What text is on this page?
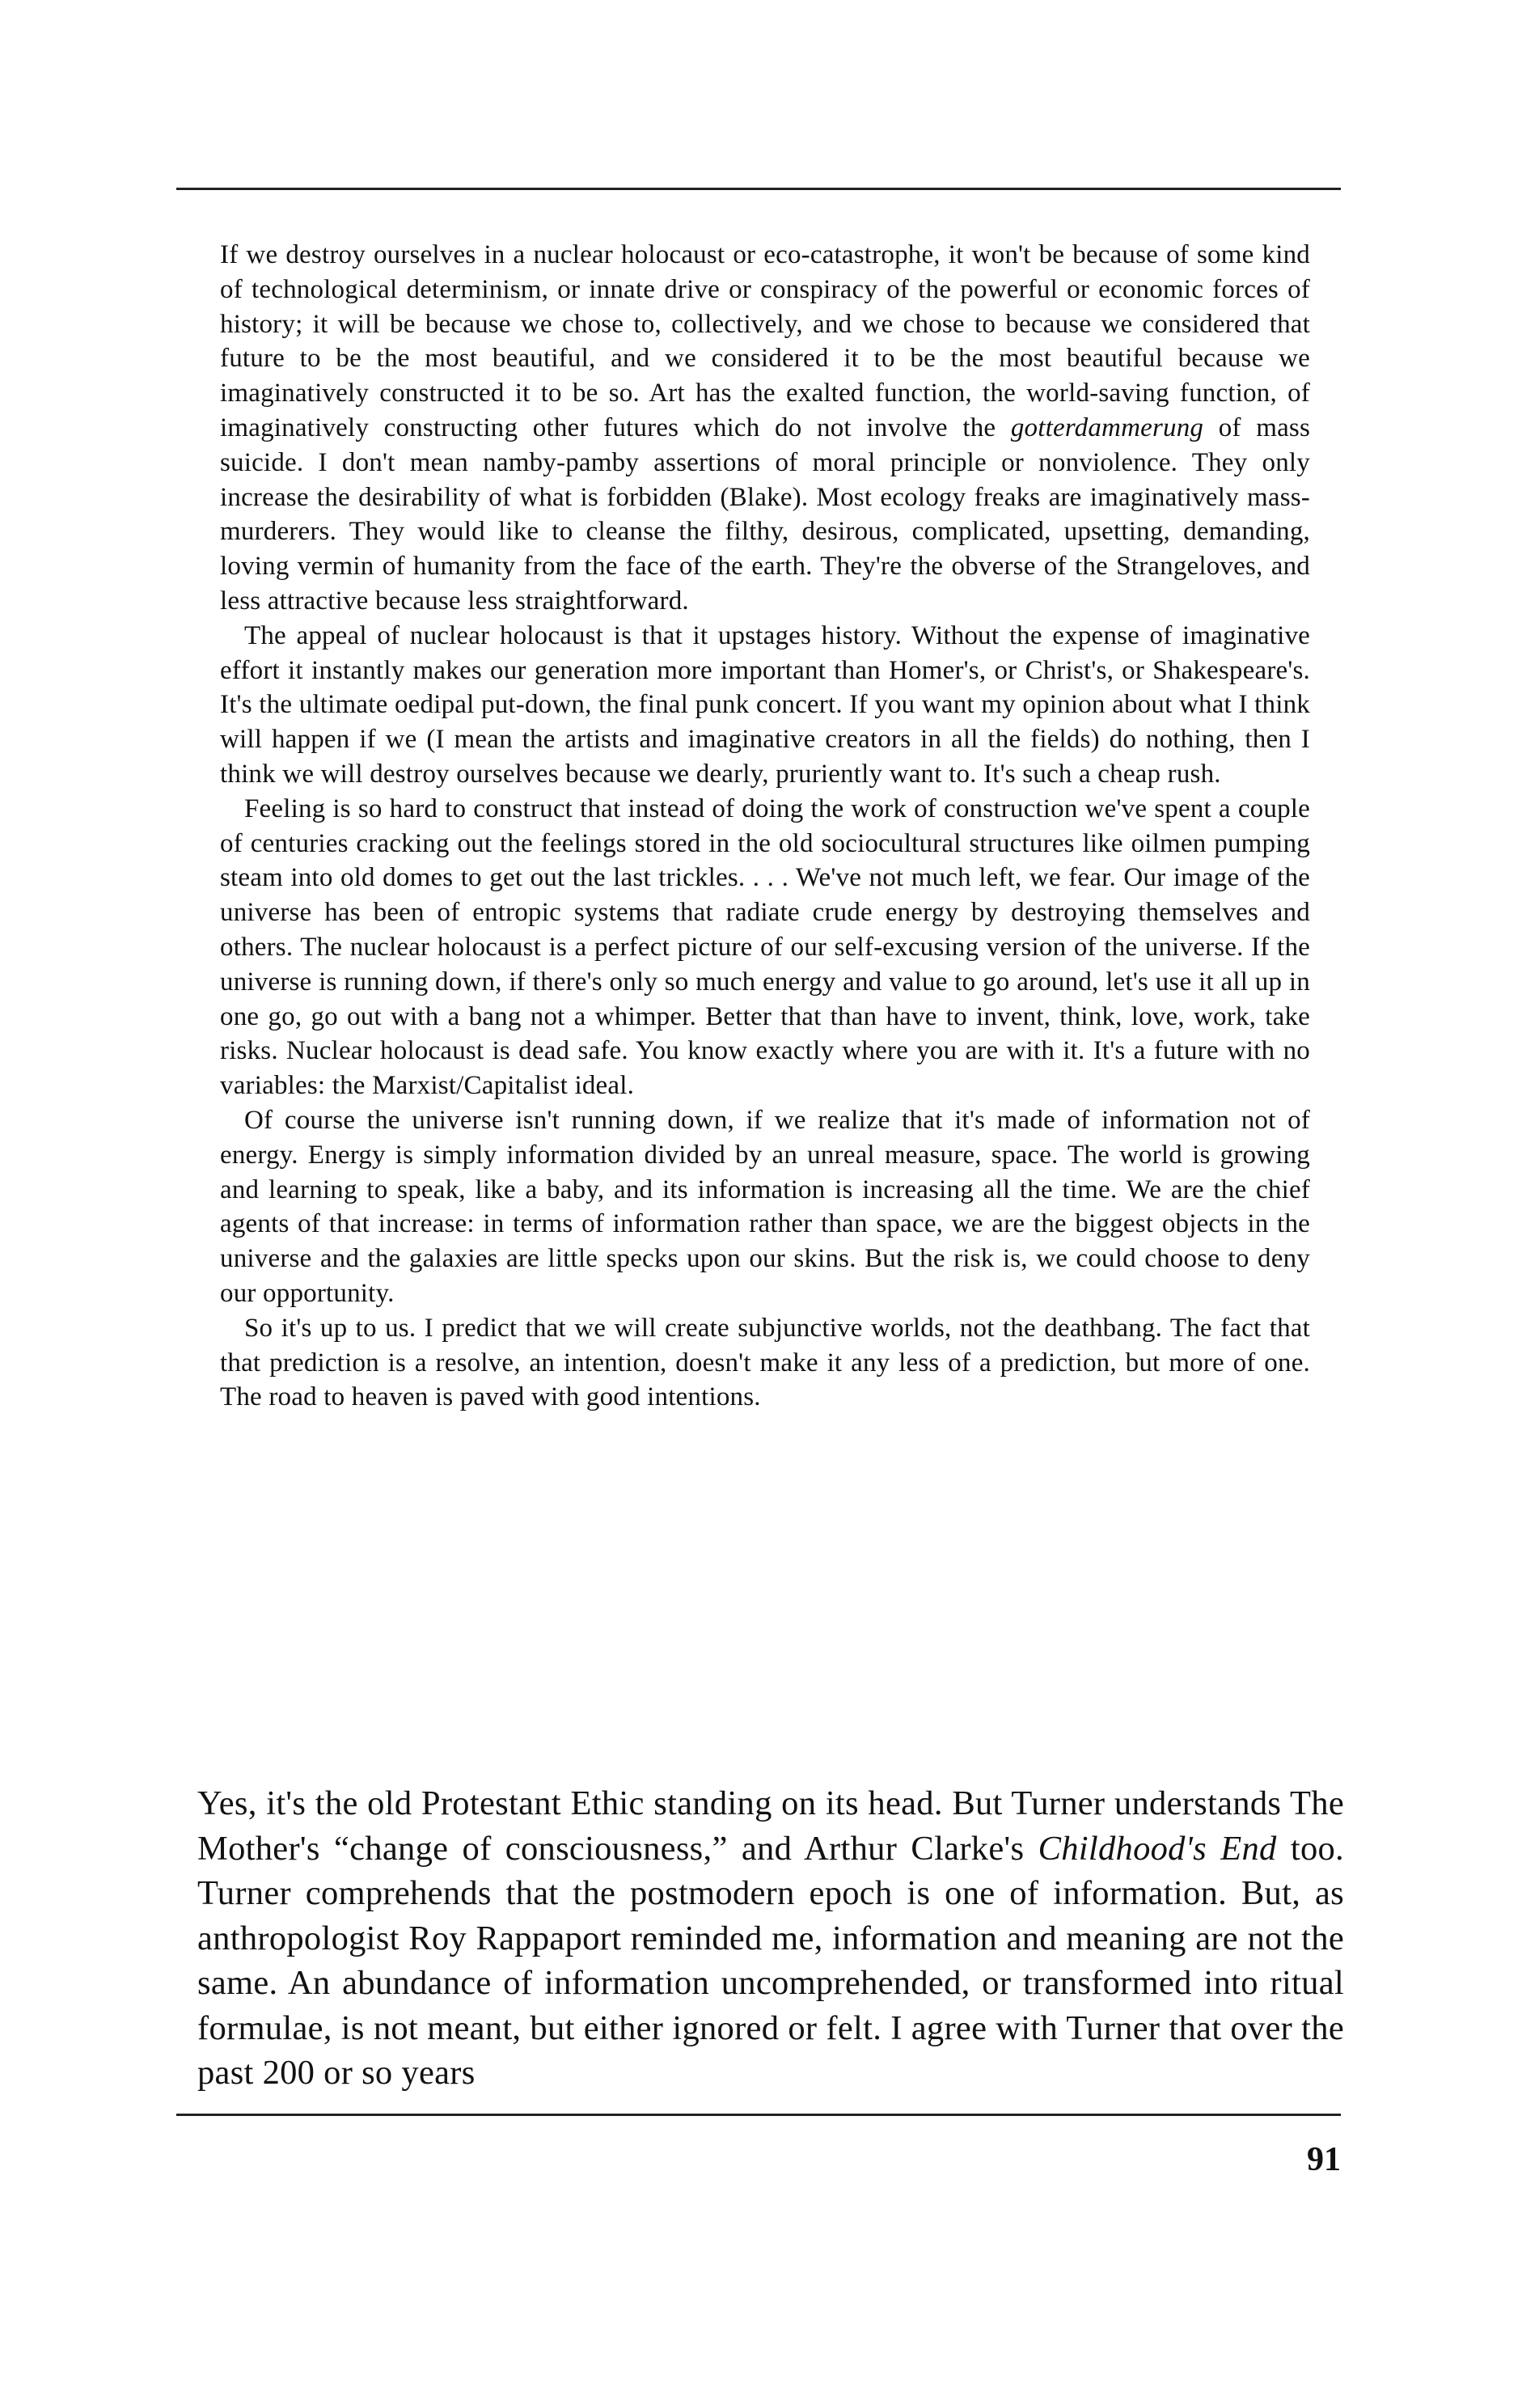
If we destroy ourselves in a nuclear holocaust or eco-catastrophe, it won't be because of some kind of technological determinism, or innate drive or conspiracy of the powerful or economic forces of history; it will be because we chose to, collectively, and we chose to because we considered that future to be the most beautiful, and we considered it to be the most beautiful because we imaginatively constructed it to be so. Art has the exalted function, the world-saving function, of imaginatively constructing other futures which do not involve the gotterdammerung of mass suicide. I don't mean namby-pamby assertions of moral principle or nonviolence. They only increase the desirability of what is forbidden (Blake). Most ecology freaks are imaginatively mass-murderers. They would like to cleanse the filthy, desirous, complicated, upsetting, demanding, loving vermin of humanity from the face of the earth. They're the obverse of the Strangeloves, and less attractive because less straightforward.

The appeal of nuclear holocaust is that it upstages history. Without the expense of imaginative effort it instantly makes our generation more important than Homer's, or Christ's, or Shakespeare's. It's the ultimate oedipal put-down, the final punk concert. If you want my opinion about what I think will happen if we (I mean the artists and imaginative creators in all the fields) do nothing, then I think we will destroy ourselves because we dearly, pruriently want to. It's such a cheap rush.

Feeling is so hard to construct that instead of doing the work of construction we've spent a couple of centuries cracking out the feelings stored in the old sociocultural structures like oilmen pumping steam into old domes to get out the last trickles. . . . We've not much left, we fear. Our image of the universe has been of entropic systems that radiate crude energy by destroying themselves and others. The nuclear holocaust is a perfect picture of our self-excusing version of the universe. If the universe is running down, if there's only so much energy and value to go around, let's use it all up in one go, go out with a bang not a whimper. Better that than have to invent, think, love, work, take risks. Nuclear holocaust is dead safe. You know exactly where you are with it. It's a future with no variables: the Marxist/Capitalist ideal.

Of course the universe isn't running down, if we realize that it's made of information not of energy. Energy is simply information divided by an unreal measure, space. The world is growing and learning to speak, like a baby, and its information is increasing all the time. We are the chief agents of that increase: in terms of information rather than space, we are the biggest objects in the universe and the galaxies are little specks upon our skins. But the risk is, we could choose to deny our opportunity.

So it's up to us. I predict that we will create subjunctive worlds, not the deathbang. The fact that that prediction is a resolve, an intention, doesn't make it any less of a prediction, but more of one. The road to heaven is paved with good intentions.

Yes, it's the old Protestant Ethic standing on its head. But Turner understands The Mother's “change of consciousness,” and Arthur Clarke's Childhood's End too. Turner comprehends that the postmodern epoch is one of information. But, as anthropologist Roy Rappaport reminded me, information and meaning are not the same. An abundance of information uncomprehended, or transformed into ritual formulae, is not meant, but either ignored or felt. I agree with Turner that over the past 200 or so years

91
